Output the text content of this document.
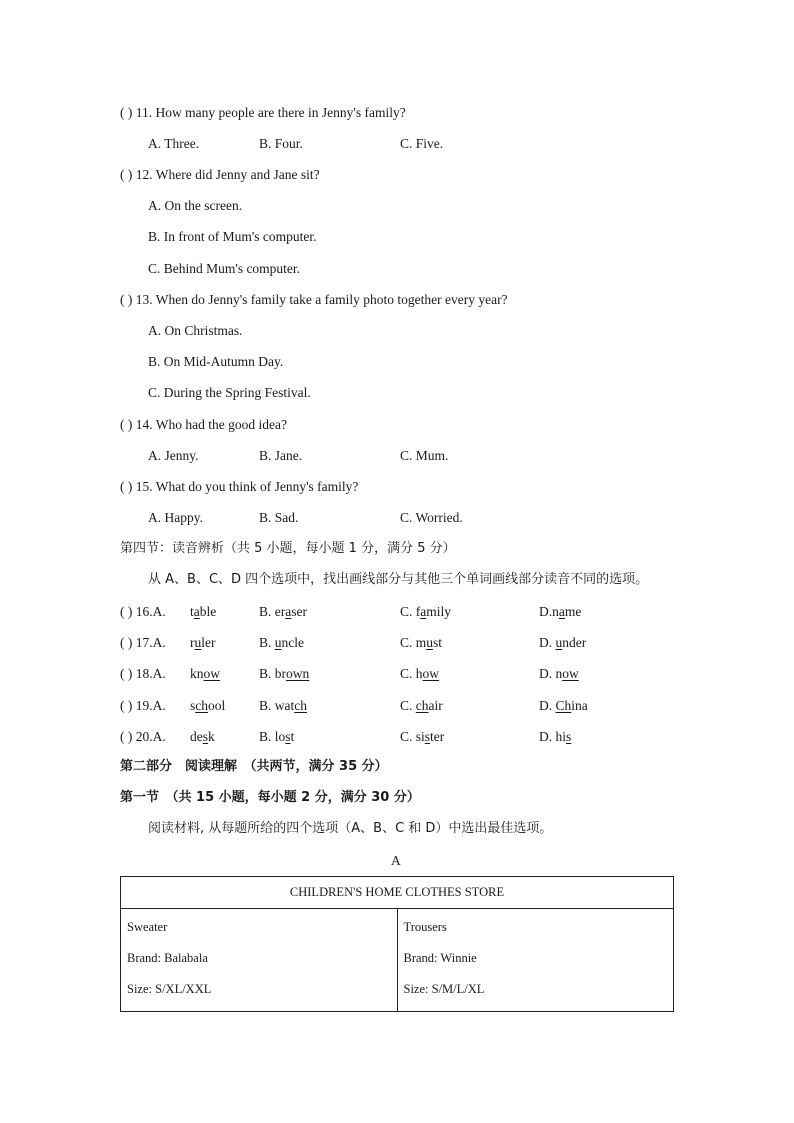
( ) 11. How many people are there in Jenny's family?
A. Three.	B. Four.	C. Five.
( ) 12. Where did Jenny and Jane sit?
A. On the screen.
B. In front of Mum's computer.
C. Behind Mum's computer.
( ) 13. When do Jenny's family take a family photo together every year?
A. On Christmas.
B. On Mid-Autumn Day.
C. During the Spring Festival.
( ) 14. Who had the good idea?
A. Jenny.	B. Jane.	C. Mum.
( ) 15. What do you think of Jenny's family?
A. Happy.	B. Sad.	C. Worried.
第四节：读音辨析（共 5 小题，每小题 1 分，满分 5 分）
从 A、B、C、D 四个选项中，找出画线部分与其他三个单词画线部分读音不同的选项。
( ) 16.A. table	B. eraser	C. family	D.name
( ) 17.A. ruler	B. uncle	C. must	D. under
( ) 18.A. know	B. brown	C. how	D. now
( ) 19.A. school B. watch	C. chair	D. China
( ) 20.A. desk	B. lost	C. sister	D. his
第二部分　阅读理解　（共两节，满分 35 分）
第一节　（共 15 小题，每小题 2 分，满分 30 分）
阅读材料, 从每题所给的四个选项（A、B、C 和 D）中选出最佳选项。
A
CHILDREN'S HOME CLOTHES STORE

Sweater
Brand: Balabala
Size: S/XL/XXL

Trousers
Brand: Winnie
Size: S/M/L/XL
